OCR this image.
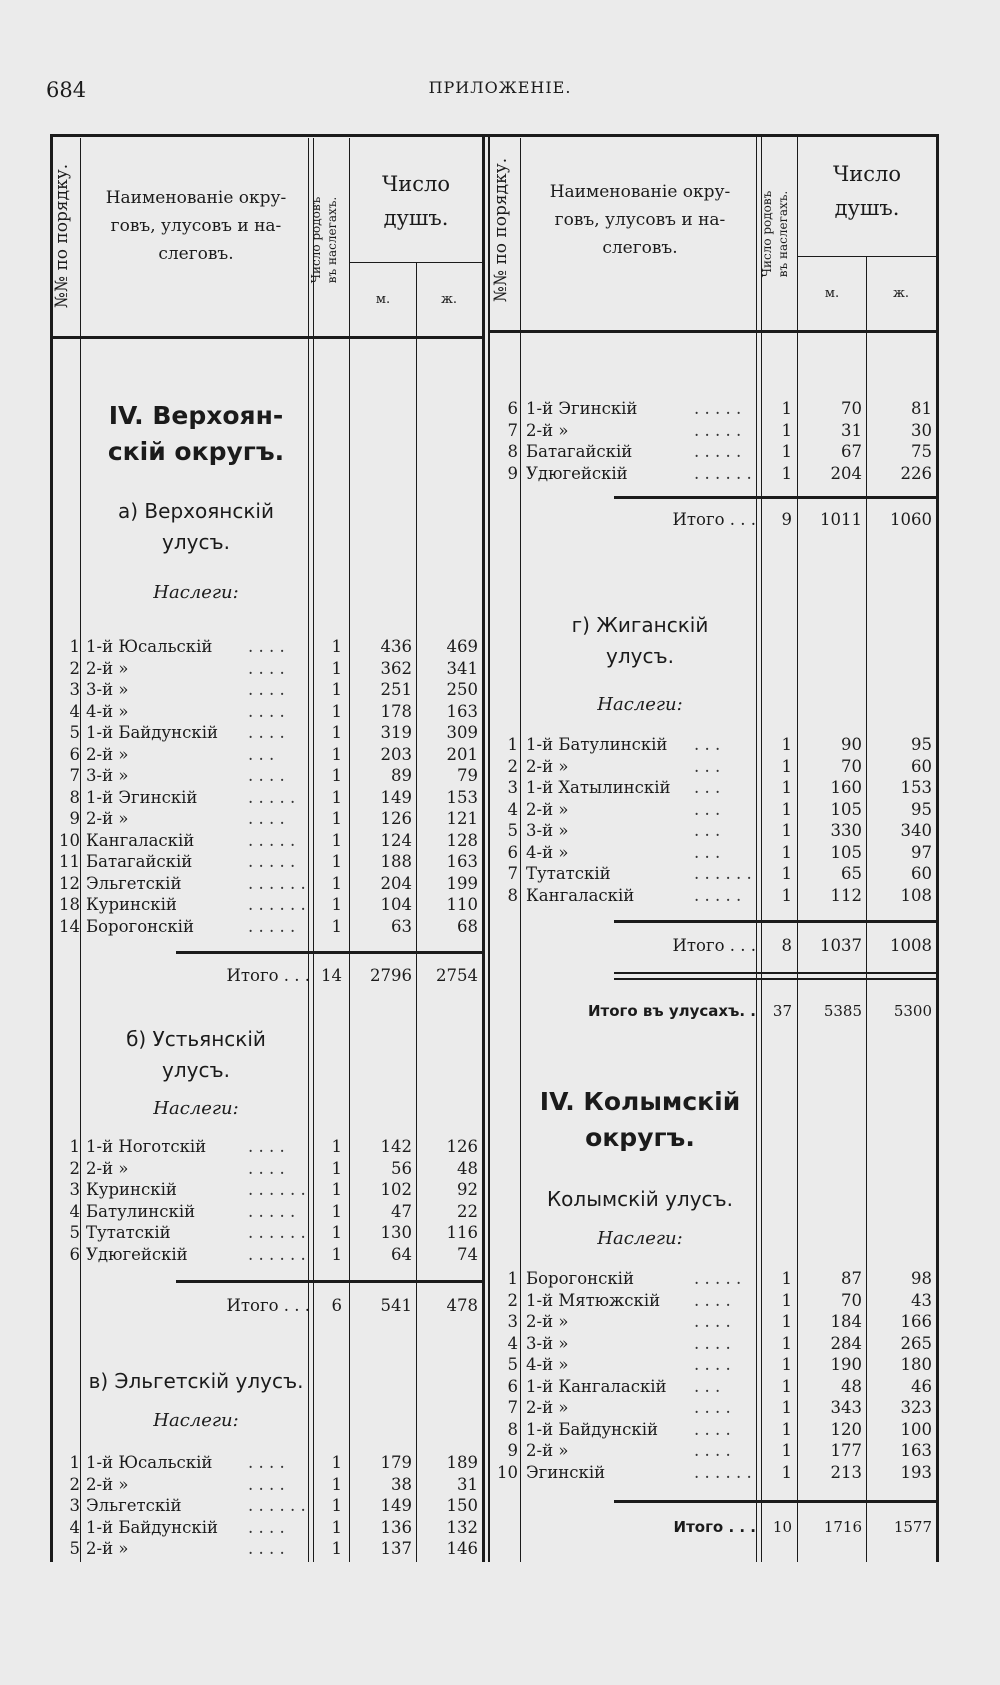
684	ПРИЛОЖЕНІЕ.
№№ по порядку.	Наименованіе окру-
говъ, улусовъ и на-
слеговъ.	Число родовъ въ наслегахъ.
Число
душъ.
м.	ж.	№№ по порядку.	Наименованіе окру-
говъ, улусовъ и на-
слеговъ.	Число родовъ въ наслегахъ.
Число
душъ.
м.	ж.
IV. Верхоян-
скій округъ.
а) Верхоянскій
улусъ.
Наслеги:
1 1-й Юсальскій . . . .	1	436	469
2 2-й »	. . . .	1	362	341
3 3-й »	. . . .	1	251	250
4 4-й »	. . . .	1	178	163
5 1-й Байдунскій . . . .	1	319	309
6 2-й »	. . .	1	203	201
7 3-й »	. . . .	1	89	79
8 1-й Эгинскій	. . . . .	1	149	153
9 2-й »	. . . .	1	126	121
10 Кангаласкій	. . . . .	1	124	128
11 Батагайскій	. . . . .	1	188	163
12 Эльгетскій	. . . . . .	1	204	199
18 Куринскій	. . . . . .	1	104	110
14 Борогонскій	. . . . .	1	63	68
Итого . . . 14	2796	2754
б) Устьянскій
улусъ.
Наслеги:
1 1-й Ноготскій	. . . .	1	142	126
2 2-й »	. . . .	1	56	48
3 Куринскій	. . . . . .	1	102	92
4 Батулинскій	. . . . .	1	47	22
5 Тутатскій	. . . . . .	1	130	116
6 Удюгейскій	. . . . . .	1	64	74
Итого . . .	6	541	478
в) Эльгетскій улусъ.
Наслеги:
1 1-й Юсальскій . . . .	1	179	189
2 2-й »	. . . .	1	38	31
3 Эльгетскій	. . . . . .	1	149	150
4 1-й Байдунскій . . . .	1	136	132
5 2-й »	. . . .	1	137	146
6 1-й Эгинскій	. . . . .	1	70	81
7 2-й »	. . . . .	1	31	30
8 Батагайскій	. . . . .	1	67	75
9 Удюгейскій	. . . . . .	1	204	226
Итого . . .	9	1011	1060
г) Жиганскій
улусъ.
Наслеги:
1 1-й Батулинскій . . .	1	90	95
2 2-й »	. . .	1	70	60
3 1-й Хатылинскій . . .	1	160	153
4 2-й »	. . .	1	105	95
5 3-й »	. . .	1	330	340
6 4-й »	. . .	1	105	97
7 Тутатскій	. . . . . .	1	65	60
8 Кангаласкій	. . . . .	1	112	108
Итого . . .	8	1037	1008
Итого въ улусахъ. .	37	5385	5300
IV. Колымскій
округъ.
Колымскій улусъ.
Наслеги:
1 Борогонскій	. . . . .	1	87	98
2 1-й Мятюжскій . . . .	1	70	43
3 2-й »	. . . .	1	184	166
4 3-й »	. . . .	1	284	265
5 4-й »	. . . .	1	190	180
6 1-й Кангаласкій . . .	1	48	46
7 2-й »	. . . .	1	343	323
8 1-й Байдунскій . . . .	1	120	100
9 2-й »	. . . .	1	177	163
10 Эгинскій	. . . . . .	1	213	193
Итого . . .	10	1716	1577
